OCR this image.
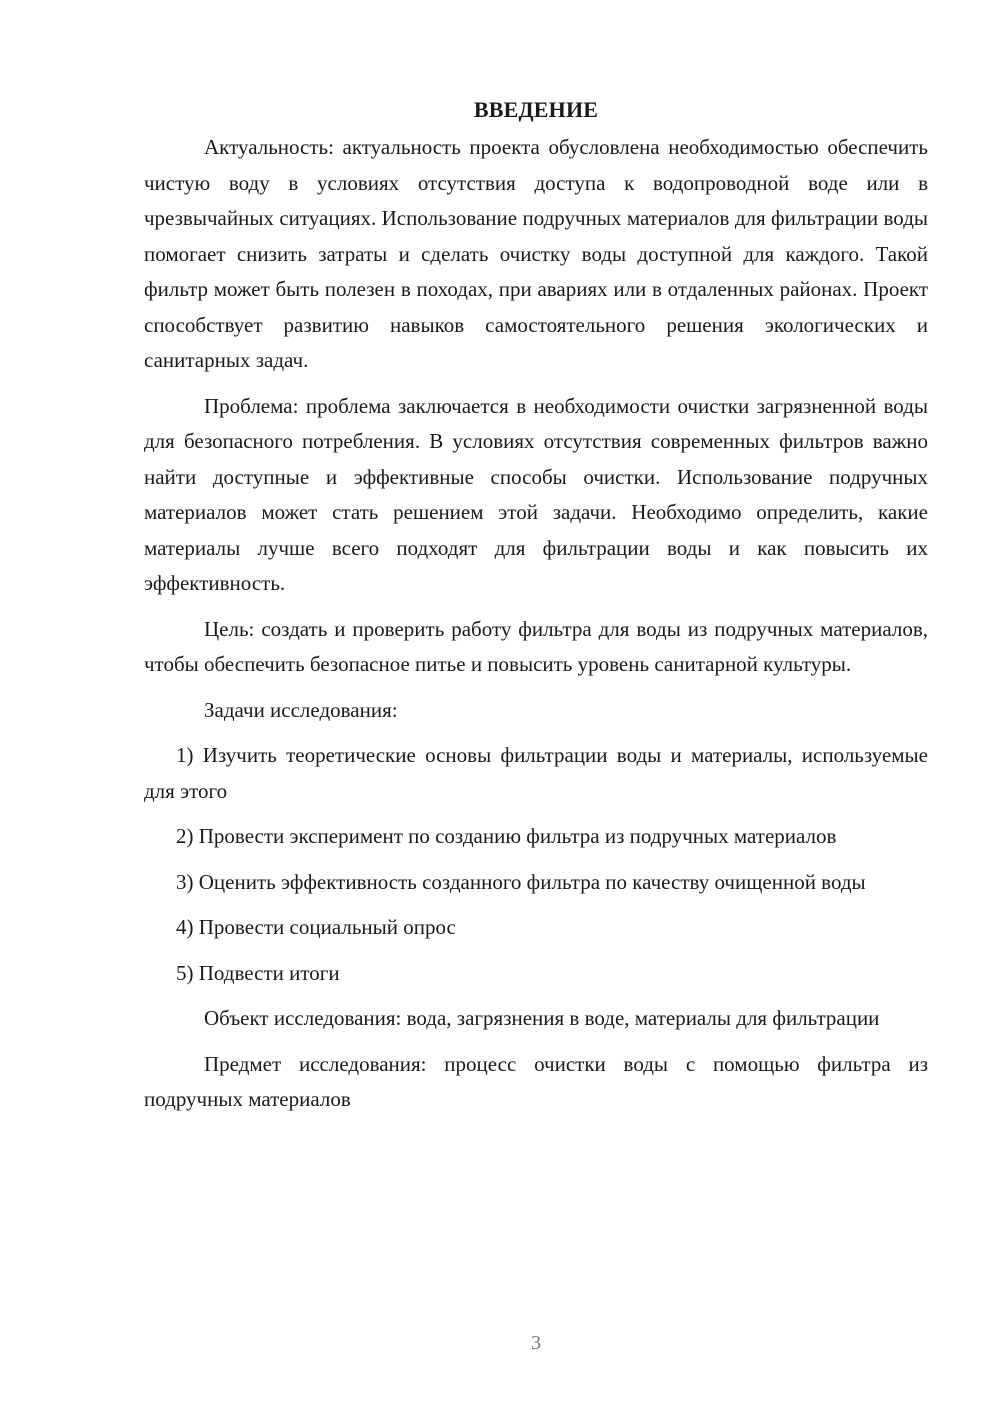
ВВЕДЕНИЕ

Актуальность: актуальность проекта обусловлена необходимостью обеспечить чистую воду в условиях отсутствия доступа к водопроводной воде или в чрезвычайных ситуациях. Использование подручных материалов для фильтрации воды помогает снизить затраты и сделать очистку воды доступной для каждого. Такой фильтр может быть полезен в походах, при авариях или в отдаленных районах. Проект способствует развитию навыков самостоятельного решения экологических и санитарных задач.

Проблема: проблема заключается в необходимости очистки загрязненной воды для безопасного потребления. В условиях отсутствия современных фильтров важно найти доступные и эффективные способы очистки. Использование подручных материалов может стать решением этой задачи. Необходимо определить, какие материалы лучше всего подходят для фильтрации воды и как повысить их эффективность.

Цель: создать и проверить работу фильтра для воды из подручных материалов, чтобы обеспечить безопасное питье и повысить уровень санитарной культуры.

Задачи исследования:

1) Изучить теоретические основы фильтрации воды и материалы, используемые для этого

2) Провести эксперимент по созданию фильтра из подручных материалов

3) Оценить эффективность созданного фильтра по качеству очищенной воды

4) Провести социальный опрос

5) Подвести итоги

Объект исследования: вода, загрязнения в воде, материалы для фильтрации

Предмет исследования: процесс очистки воды с помощью фильтра из подручных материалов

3
